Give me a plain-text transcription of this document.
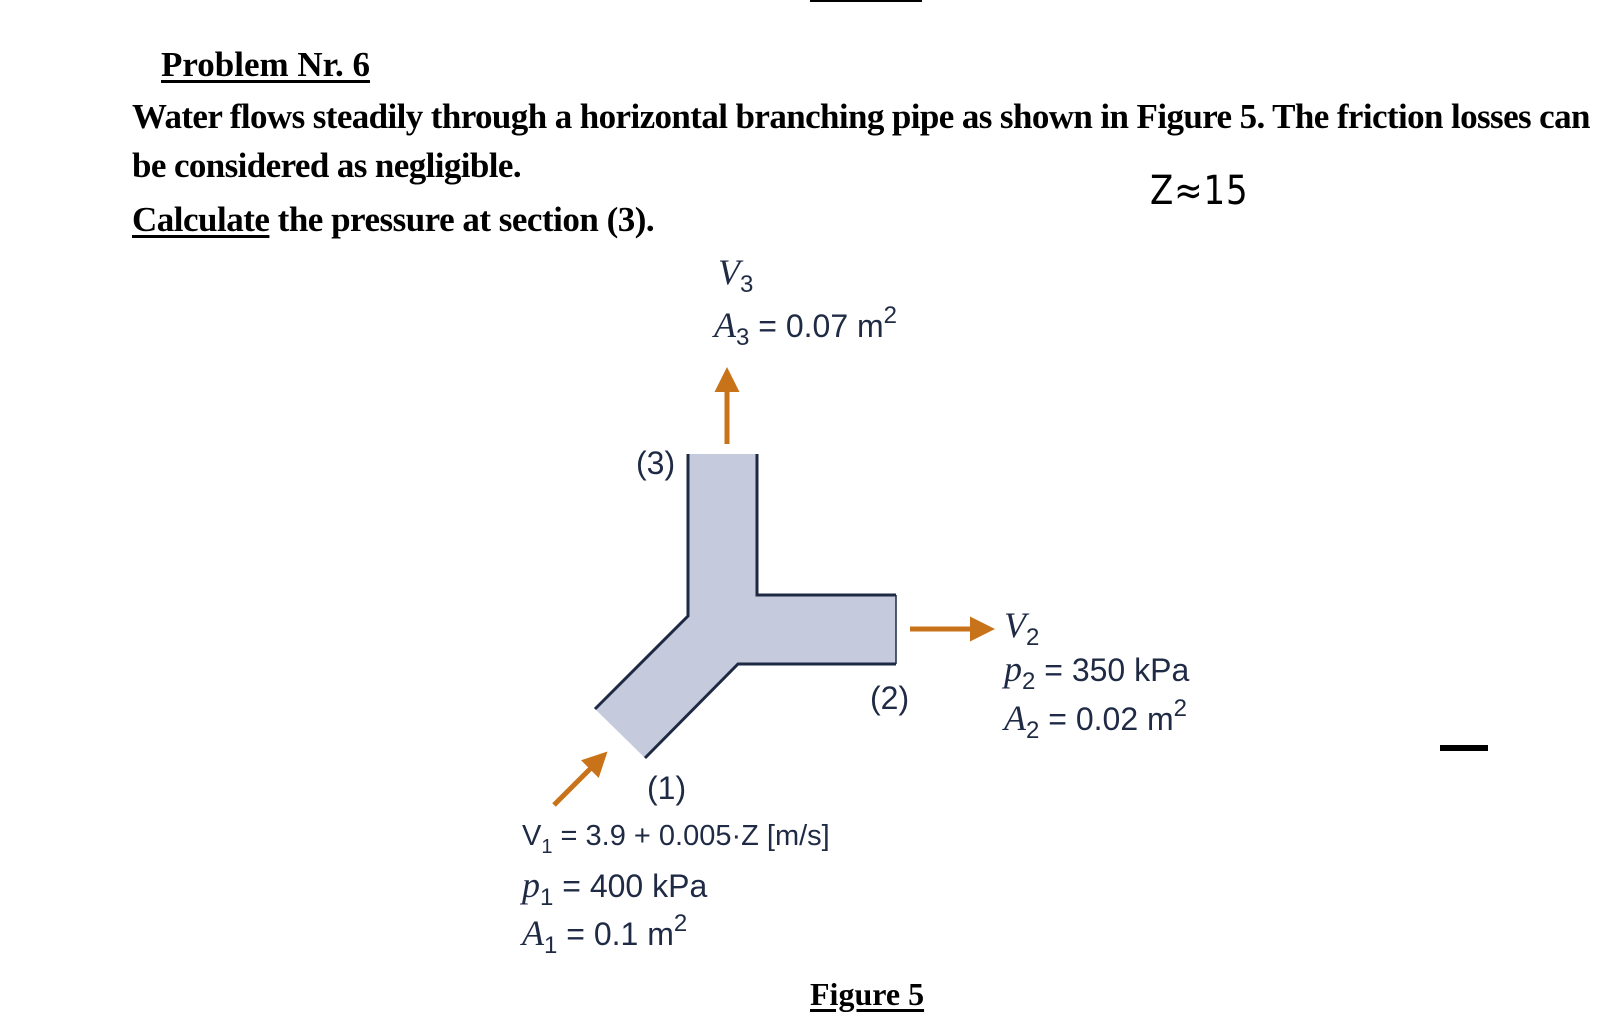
Problem Nr. 6
Water flows steadily through a horizontal branching pipe as shown in Figure 5. The friction losses can be considered as negligible.
Calculate the pressure at section (3).
Z≈15
(3)
$V_3$
$A_3 = 0.07$ $m^2$
(2)
$V_2$
$p_2 = 350$ kPa
$A_2 = 0.02$ $m^2$
(1)
$V_1 = 3.9 + 0.005\cdot Z$ [m/s]
$p_1 = 400$ kPa
$A_1 = 0.1$ $m^2$
Figure 5
